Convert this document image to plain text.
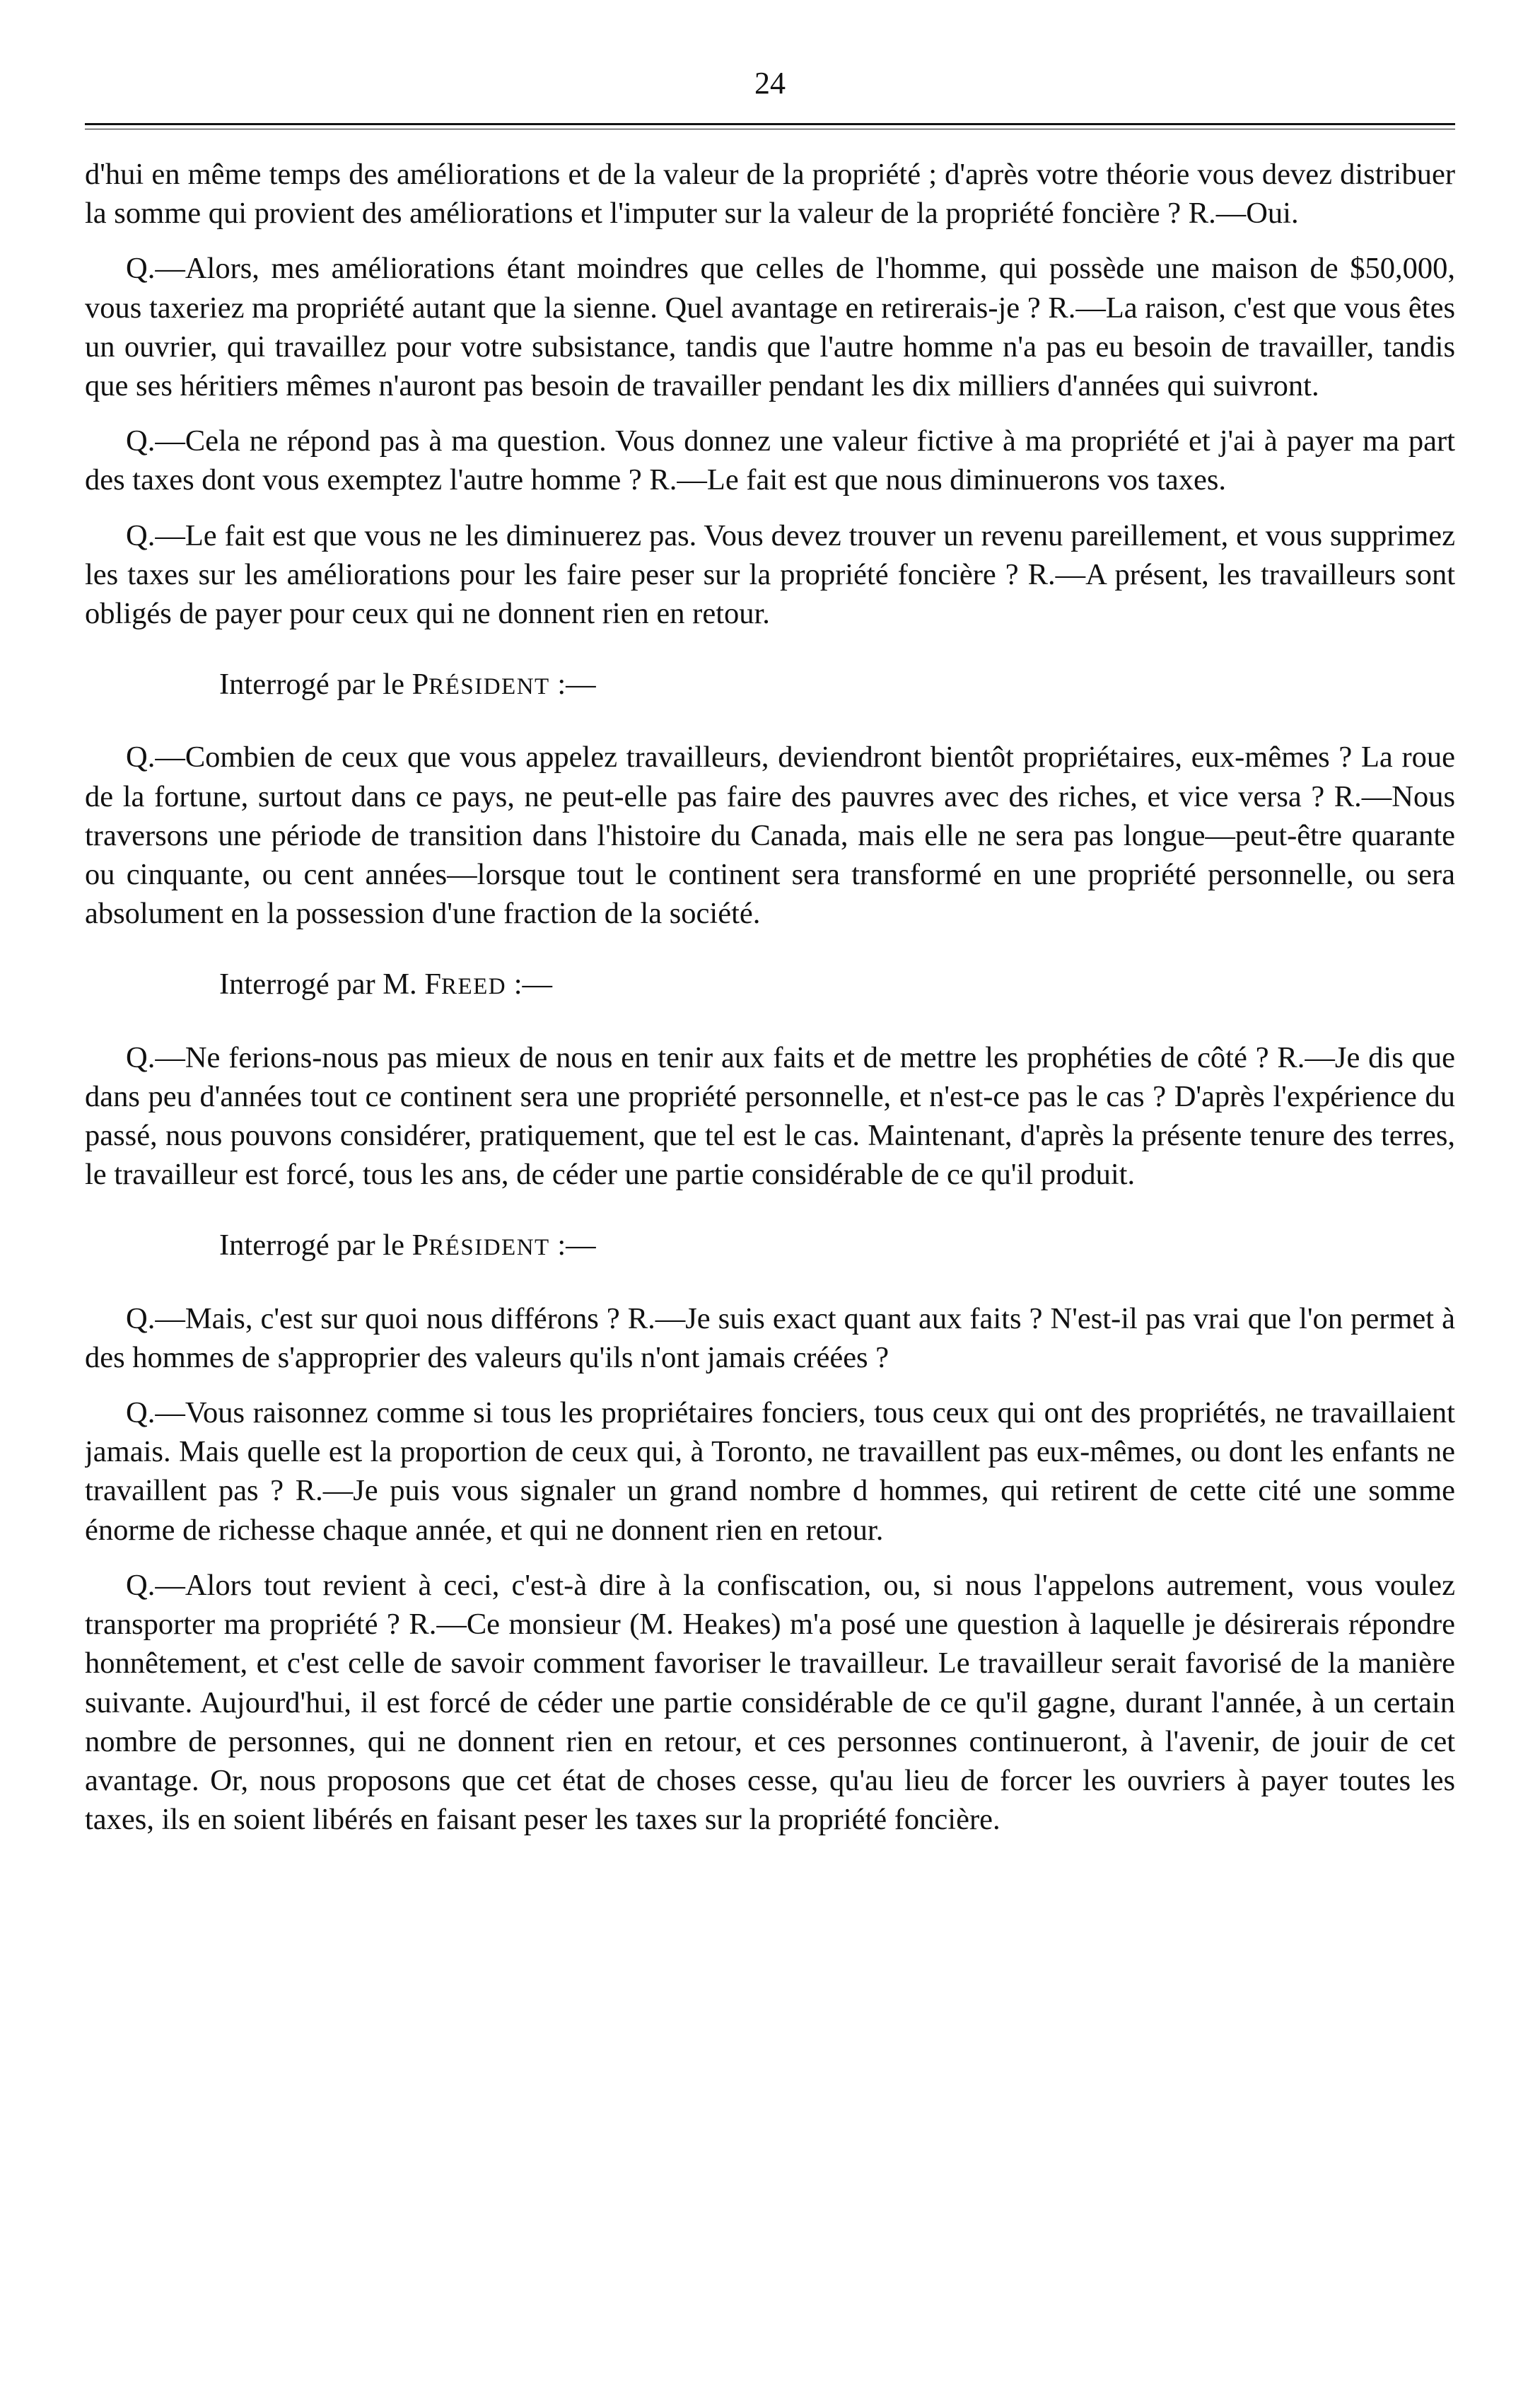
24

d'hui en même temps des améliorations et de la valeur de la propriété ; d'après votre théorie vous devez distribuer la somme qui provient des améliorations et l'imputer sur la valeur de la propriété foncière ? R.—Oui.

Q.—Alors, mes améliorations étant moindres que celles de l'homme, qui possède une maison de $50,000, vous taxeriez ma propriété autant que la sienne. Quel avantage en retirerais-je ? R.—La raison, c'est que vous êtes un ouvrier, qui travaillez pour votre subsistance, tandis que l'autre homme n'a pas eu besoin de travailler, tandis que ses héritiers mêmes n'auront pas besoin de travailler pendant les dix milliers d'années qui suivront.

Q.—Cela ne répond pas à ma question. Vous donnez une valeur fictive à ma propriété et j'ai à payer ma part des taxes dont vous exemptez l'autre homme ? R.—Le fait est que nous diminuerons vos taxes.

Q.—Le fait est que vous ne les diminuerez pas. Vous devez trouver un revenu pareillement, et vous supprimez les taxes sur les améliorations pour les faire peser sur la propriété foncière ? R.—A présent, les travailleurs sont obligés de payer pour ceux qui ne donnent rien en retour.

Interrogé par le PRÉSIDENT :—

Q.—Combien de ceux que vous appelez travailleurs, deviendront bientôt propriétaires, eux-mêmes ? La roue de la fortune, surtout dans ce pays, ne peut-elle pas faire des pauvres avec des riches, et vice versa ? R.—Nous traversons une période de transition dans l'histoire du Canada, mais elle ne sera pas longue—peut-être quarante ou cinquante, ou cent années—lorsque tout le continent sera transformé en une propriété personnelle, ou sera absolument en la possession d'une fraction de la société.

Interrogé par M. FREED :—

Q.—Ne ferions-nous pas mieux de nous en tenir aux faits et de mettre les prophéties de côté ? R.—Je dis que dans peu d'années tout ce continent sera une propriété personnelle, et n'est-ce pas le cas ? D'après l'expérience du passé, nous pouvons considérer, pratiquement, que tel est le cas. Maintenant, d'après la présente tenure des terres, le travailleur est forcé, tous les ans, de céder une partie considérable de ce qu'il produit.

Interrogé par le PRÉSIDENT :—

Q.—Mais, c'est sur quoi nous différons ? R.—Je suis exact quant aux faits ? N'est-il pas vrai que l'on permet à des hommes de s'approprier des valeurs qu'ils n'ont jamais créées ?

Q.—Vous raisonnez comme si tous les propriétaires fonciers, tous ceux qui ont des propriétés, ne travaillaient jamais. Mais quelle est la proportion de ceux qui, à Toronto, ne travaillent pas eux-mêmes, ou dont les enfants ne travaillent pas ? R.—Je puis vous signaler un grand nombre d hommes, qui retirent de cette cité une somme énorme de richesse chaque année, et qui ne donnent rien en retour.

Q.—Alors tout revient à ceci, c'est-à dire à la confiscation, ou, si nous l'appelons autrement, vous voulez transporter ma propriété ? R.—Ce monsieur (M. Heakes) m'a posé une question à laquelle je désirerais répondre honnêtement, et c'est celle de savoir comment favoriser le travailleur. Le travailleur serait favorisé de la manière suivante. Aujourd'hui, il est forcé de céder une partie considérable de ce qu'il gagne, durant l'année, à un certain nombre de personnes, qui ne donnent rien en retour, et ces personnes continueront, à l'avenir, de jouir de cet avantage. Or, nous proposons que cet état de choses cesse, qu'au lieu de forcer les ouvriers à payer toutes les taxes, ils en soient libérés en faisant peser les taxes sur la propriété foncière.
